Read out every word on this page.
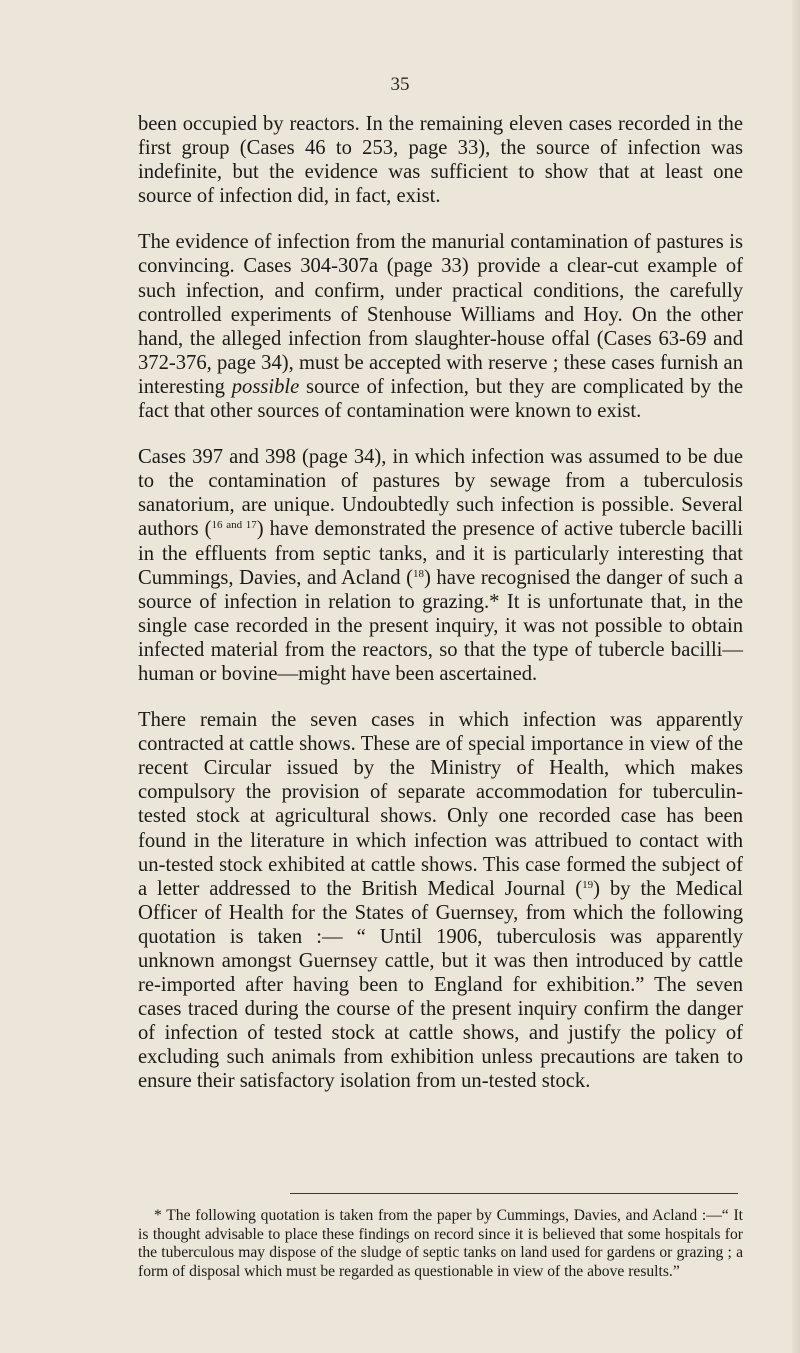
35

been occupied by reactors. In the remaining eleven cases recorded in the first group (Cases 46 to 253, page 33), the source of infection was indefinite, but the evidence was sufficient to show that at least one source of infection did, in fact, exist.

The evidence of infection from the manurial contamination of pastures is convincing. Cases 304-307a (page 33) provide a clear-cut example of such infection, and confirm, under practical conditions, the carefully controlled experiments of Stenhouse Williams and Hoy. On the other hand, the alleged infection from slaughter-house offal (Cases 63-69 and 372-376, page 34), must be accepted with reserve ; these cases furnish an interesting possible source of infection, but they are complicated by the fact that other sources of contamination were known to exist.

Cases 397 and 398 (page 34), in which infection was assumed to be due to the contamination of pastures by sewage from a tuberculosis sanatorium, are unique. Undoubtedly such infection is possible. Several authors ($^{16}$ $^{and}$ $^{17}$) have demonstrated the presence of active tubercle bacilli in the effluents from septic tanks, and it is particularly interesting that Cummings, Davies, and Acland ($^{18}$) have recognised the danger of such a source of infection in relation to grazing.* It is unfortunate that, in the single case recorded in the present inquiry, it was not possible to obtain infected material from the reactors, so that the type of tubercle bacilli—human or bovine—might have been ascertained.

There remain the seven cases in which infection was apparently contracted at cattle shows. These are of special importance in view of the recent Circular issued by the Ministry of Health, which makes compulsory the provision of separate accommodation for tuberculin-tested stock at agricultural shows. Only one recorded case has been found in the literature in which infection was attribued to contact with un-tested stock exhibited at cattle shows. This case formed the subject of a letter addressed to the British Medical Journal ($^{19}$) by the Medical Officer of Health for the States of Guernsey, from which the following quotation is taken :— “ Until 1906, tuberculosis was apparently unknown amongst Guernsey cattle, but it was then introduced by cattle re-imported after having been to England for exhibition.” The seven cases traced during the course of the present inquiry confirm the danger of infection of tested stock at cattle shows, and justify the policy of excluding such animals from exhibition unless precautions are taken to ensure their satisfactory isolation from un-tested stock.

* The following quotation is taken from the paper by Cummings, Davies, and Acland :—“ It is thought advisable to place these findings on record since it is believed that some hospitals for the tuberculous may dispose of the sludge of septic tanks on land used for gardens or grazing ; a form of disposal which must be regarded as questionable in view of the above results.”
